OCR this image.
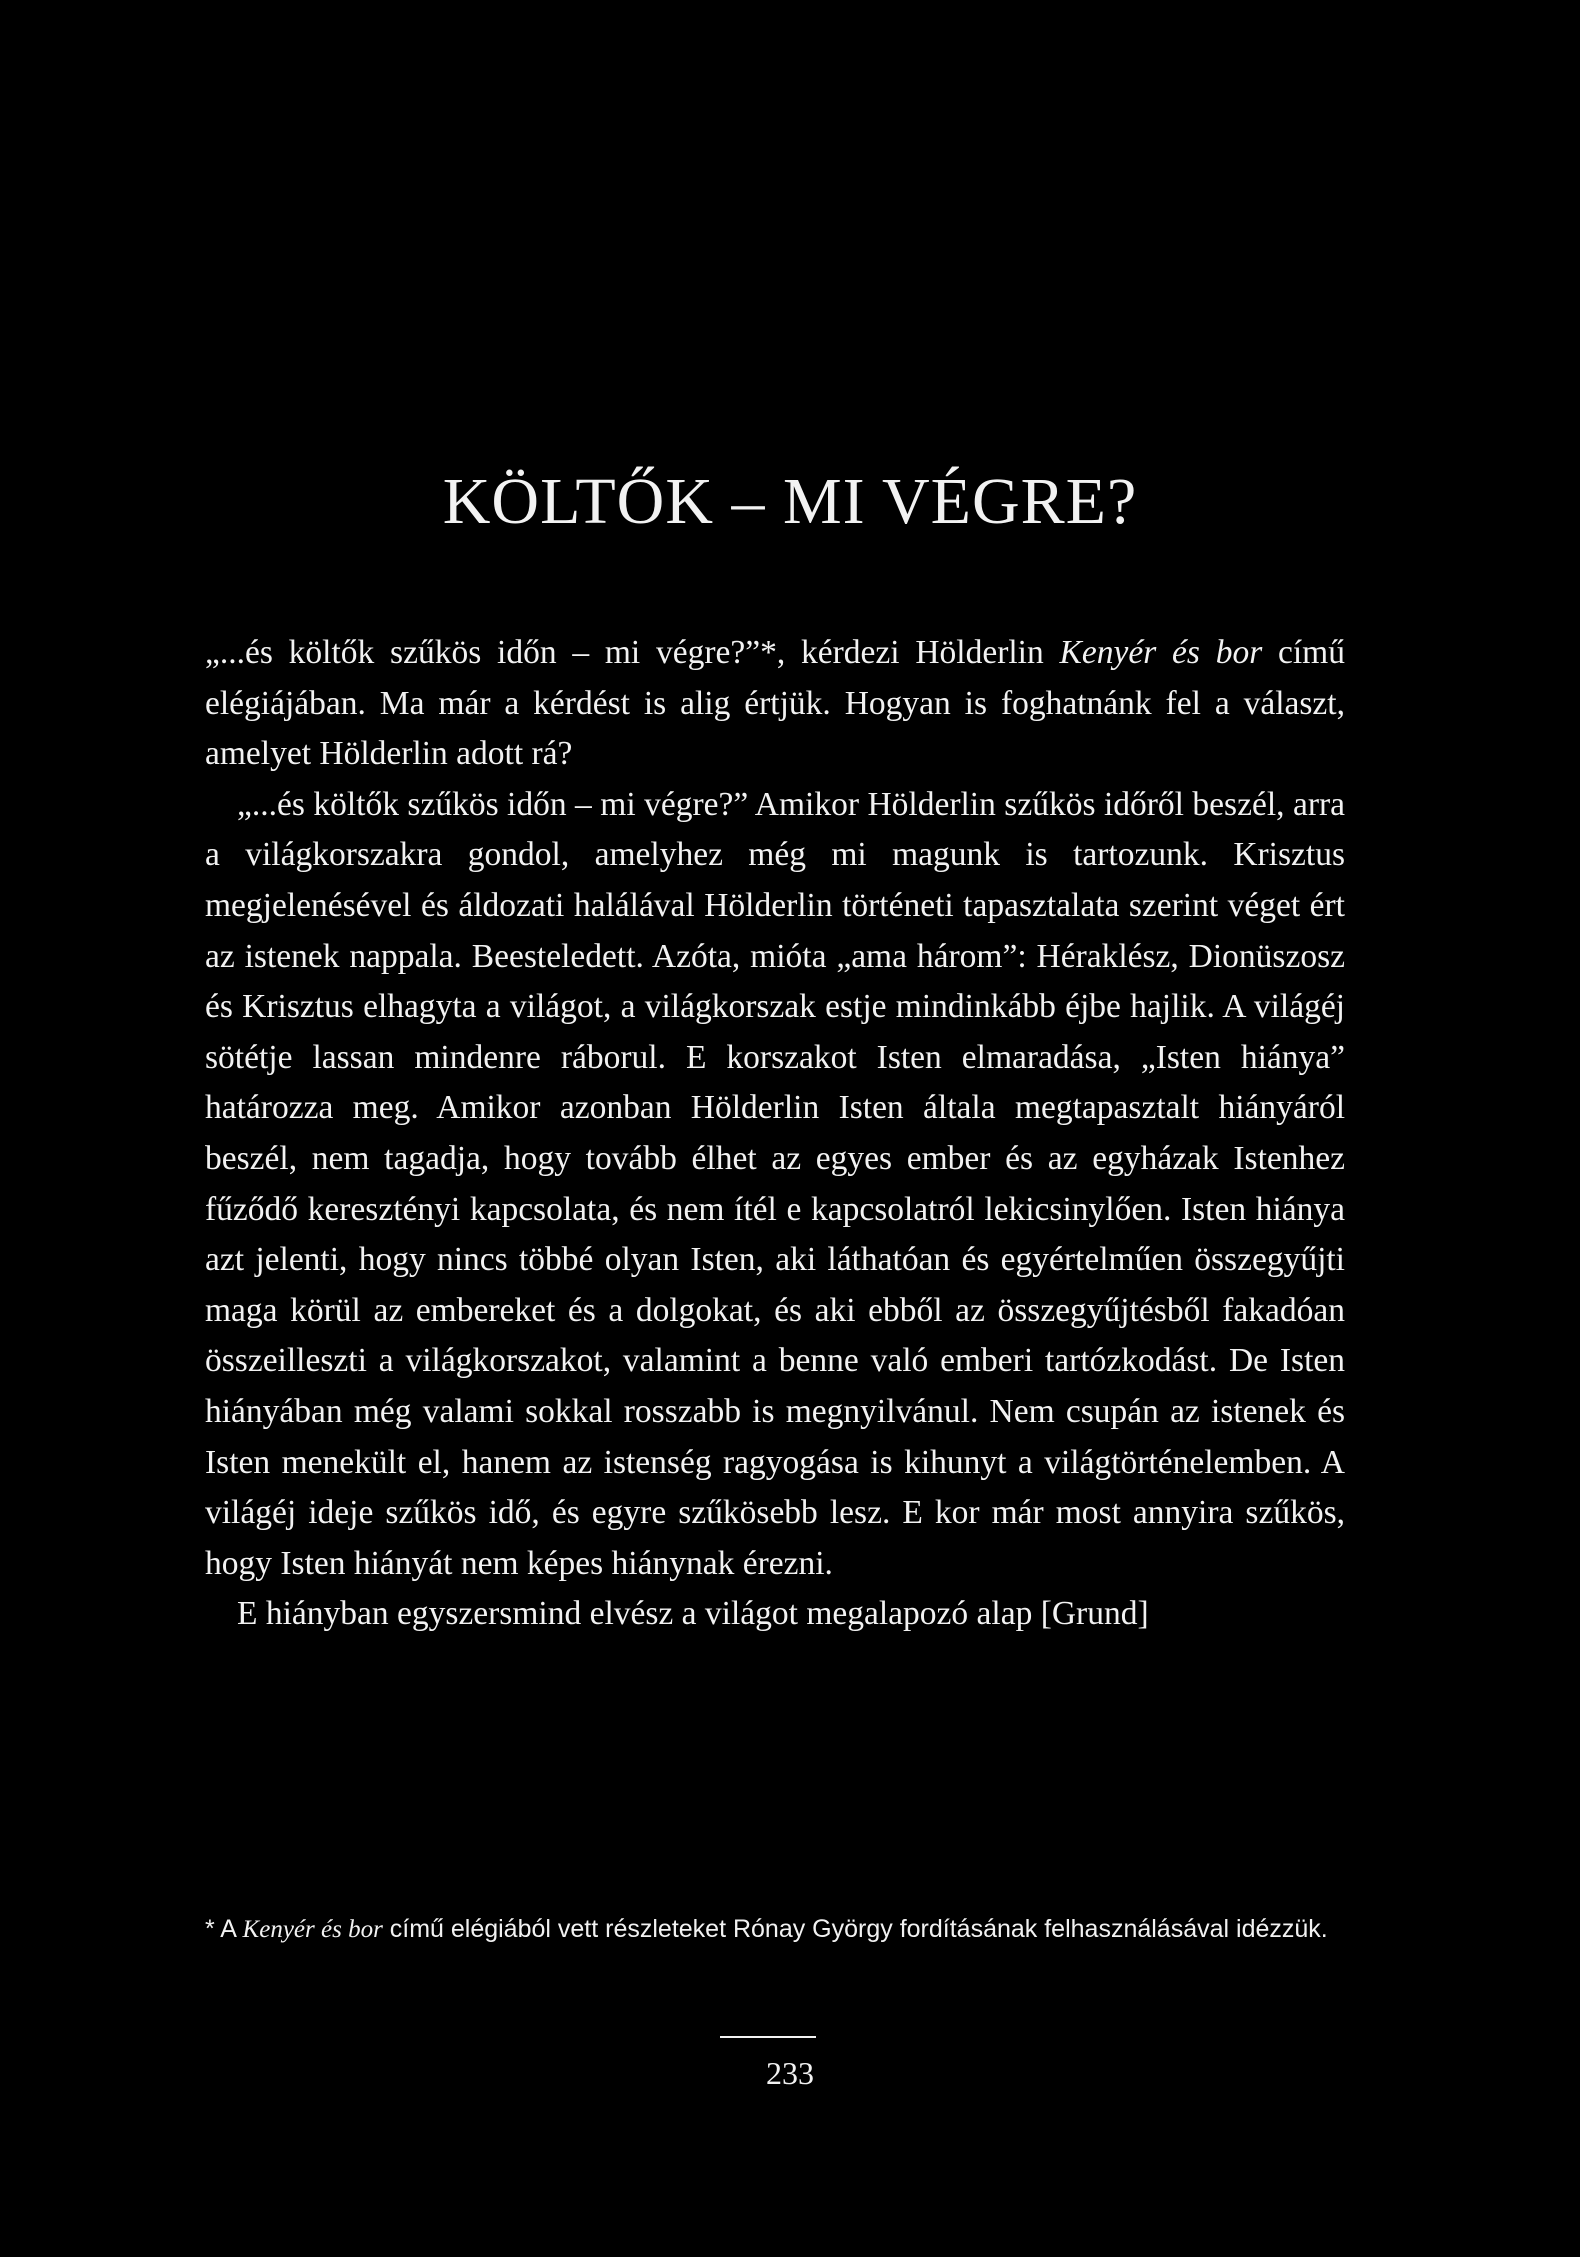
KÖLTŐK – MI VÉGRE?

„...és költők szűkös időn – mi végre?”*, kérdezi Hölderlin Kenyér és bor című elégiájában. Ma már a kérdést is alig értjük. Hogyan is foghatnánk fel a választ, amelyet Hölderlin adott rá?

„...és költők szűkös időn – mi végre?” Amikor Hölderlin szűkös időről beszél, arra a világkorszakra gondol, amelyhez még mi magunk is tartozunk. Krisztus megjelenésével és áldozati halálával Hölderlin történeti tapasztalata szerint véget ért az istenek nappala. Beesteledett. Azóta, mióta „ama három”: Héraklész, Dionüszosz és Krisztus elhagyta a világot, a világkorszak estje mindinkább éjbe hajlik. A világéj sötétje lassan mindenre ráborul. E korszakot Isten elmaradása, „Isten hiánya” határozza meg. Amikor azonban Hölderlin Isten általa megtapasztalt hiányáról beszél, nem tagadja, hogy tovább élhet az egyes ember és az egyházak Istenhez fűződő keresztényi kapcsolata, és nem ítél e kapcsolatról lekicsinylően. Isten hiánya azt jelenti, hogy nincs többé olyan Isten, aki láthatóan és egyértelműen összegyűjti maga körül az embereket és a dolgokat, és aki ebből az összegyűjtésből fakadóan összeilleszti a világkorszakot, valamint a benne való emberi tartózkodást. De Isten hiányában még valami sokkal rosszabb is megnyilvánul. Nem csupán az istenek és Isten menekült el, hanem az istenség ragyogása is kihunyt a világtörténelemben. A világéj ideje szűkös idő, és egyre szűkösebb lesz. E kor már most annyira szűkös, hogy Isten hiányát nem képes hiánynak érezni.

E hiányban egyszersmind elvész a világot megalapozó alap [Grund]

* A Kenyér és bor című elégiából vett részleteket Rónay György fordításának felhasználásával idézzük.

233
